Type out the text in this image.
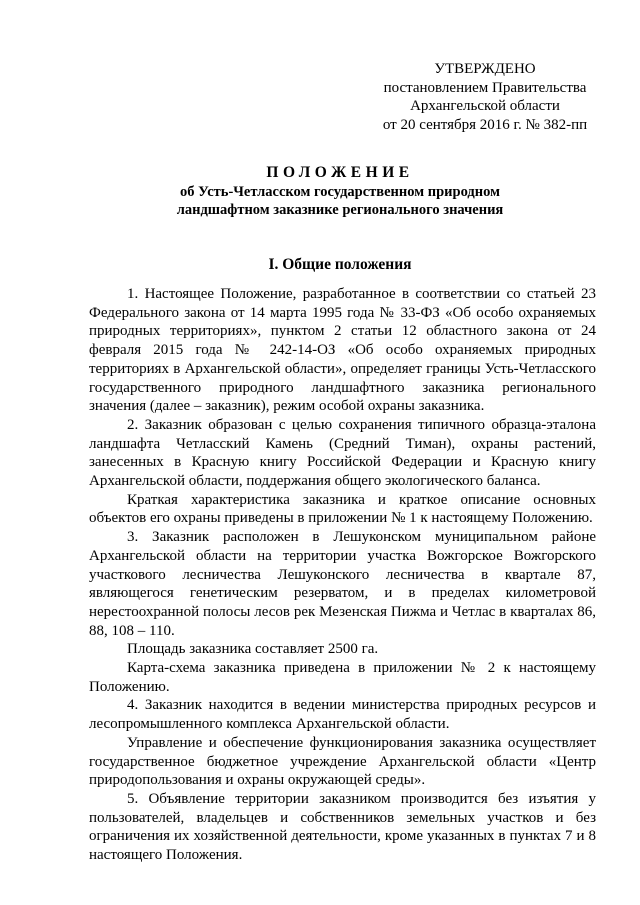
УТВЕРЖДЕНО
постановлением Правительства
Архангельской области
от 20 сентября 2016 г. № 382-пп
ПОЛОЖЕНИЕ
об Усть-Четласском государственном природном
ландшафтном заказнике регионального значения
I. Общие положения

1. Настоящее Положение, разработанное в соответствии со статьей 23 Федерального закона от 14 марта 1995 года № 33-ФЗ «Об особо охраняемых природных территориях», пунктом 2 статьи 12 областного закона от 24 февраля 2015 года № 242-14-ОЗ «Об особо охраняемых природных территориях в Архангельской области», определяет границы Усть-Четласского государственного природного ландшафтного заказника регионального значения (далее – заказник), режим особой охраны заказника.

2. Заказник образован с целью сохранения типичного образца-эталона ландшафта Четласский Камень (Средний Тиман), охраны растений, занесенных в Красную книгу Российской Федерации и Красную книгу Архангельской области, поддержания общего экологического баланса.

Краткая характеристика заказника и краткое описание основных объектов его охраны приведены в приложении № 1 к настоящему Положению.

3. Заказник расположен в Лешуконском муниципальном районе Архангельской области на территории участка Вожгорское Вожгорского участкового лесничества Лешуконского лесничества в квартале 87, являющегося генетическим резерватом, и в пределах километровой нерестоохранной полосы лесов рек Мезенская Пижма и Четлас в кварталах 86, 88, 108 – 110.

Площадь заказника составляет 2500 га.

Карта-схема заказника приведена в приложении № 2 к настоящему Положению.

4. Заказник находится в ведении министерства природных ресурсов и лесопромышленного комплекса Архангельской области.

Управление и обеспечение функционирования заказника осуществляет государственное бюджетное учреждение Архангельской области «Центр природопользования и охраны окружающей среды».

5. Объявление территории заказником производится без изъятия у пользователей, владельцев и собственников земельных участков и без ограничения их хозяйственной деятельности, кроме указанных в пунктах 7 и 8 настоящего Положения.
